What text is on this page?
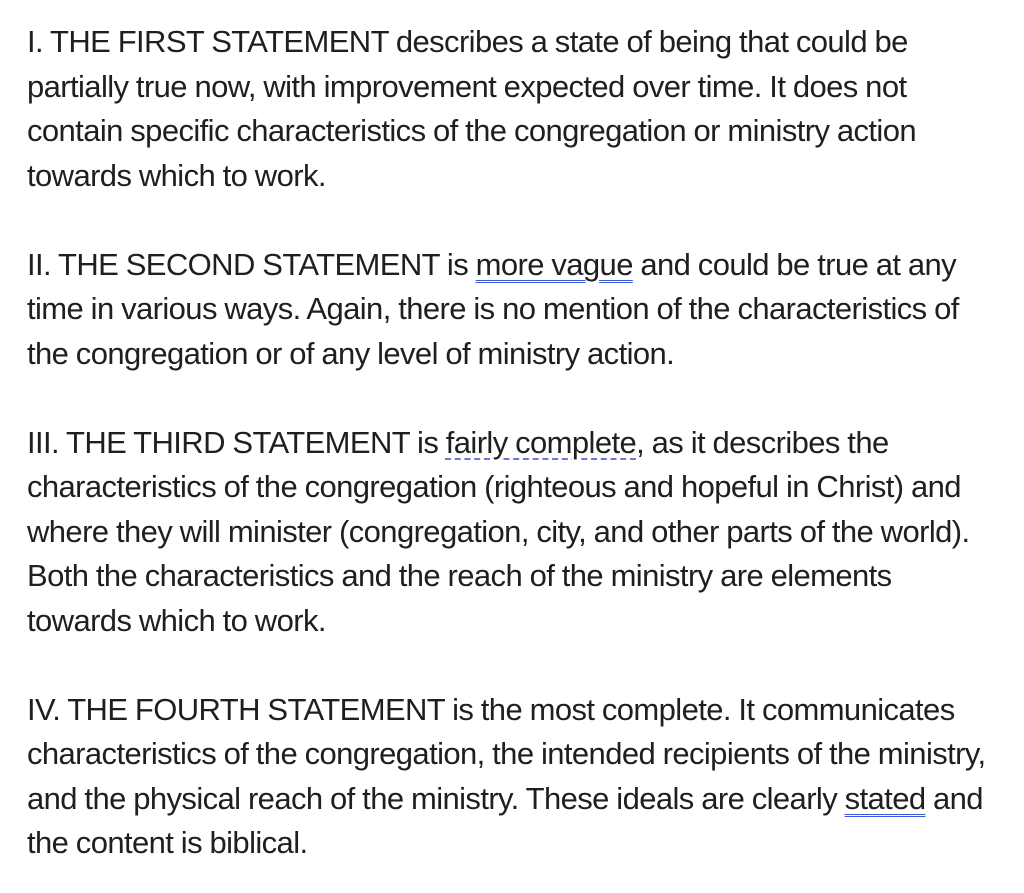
I. THE FIRST STATEMENT describes a state of being that could be partially true now, with improvement expected over time. It does not contain specific characteristics of the congregation or ministry action towards which to work.

II. THE SECOND STATEMENT is more vague and could be true at any time in various ways. Again, there is no mention of the characteristics of the congregation or of any level of ministry action.

III. THE THIRD STATEMENT is fairly complete, as it describes the characteristics of the congregation (righteous and hopeful in Christ) and where they will minister (congregation, city, and other parts of the world). Both the characteristics and the reach of the ministry are elements towards which to work.

IV. THE FOURTH STATEMENT is the most complete. It communicates characteristics of the congregation, the intended recipients of the ministry, and the physical reach of the ministry. These ideals are clearly stated and the content is biblical.
